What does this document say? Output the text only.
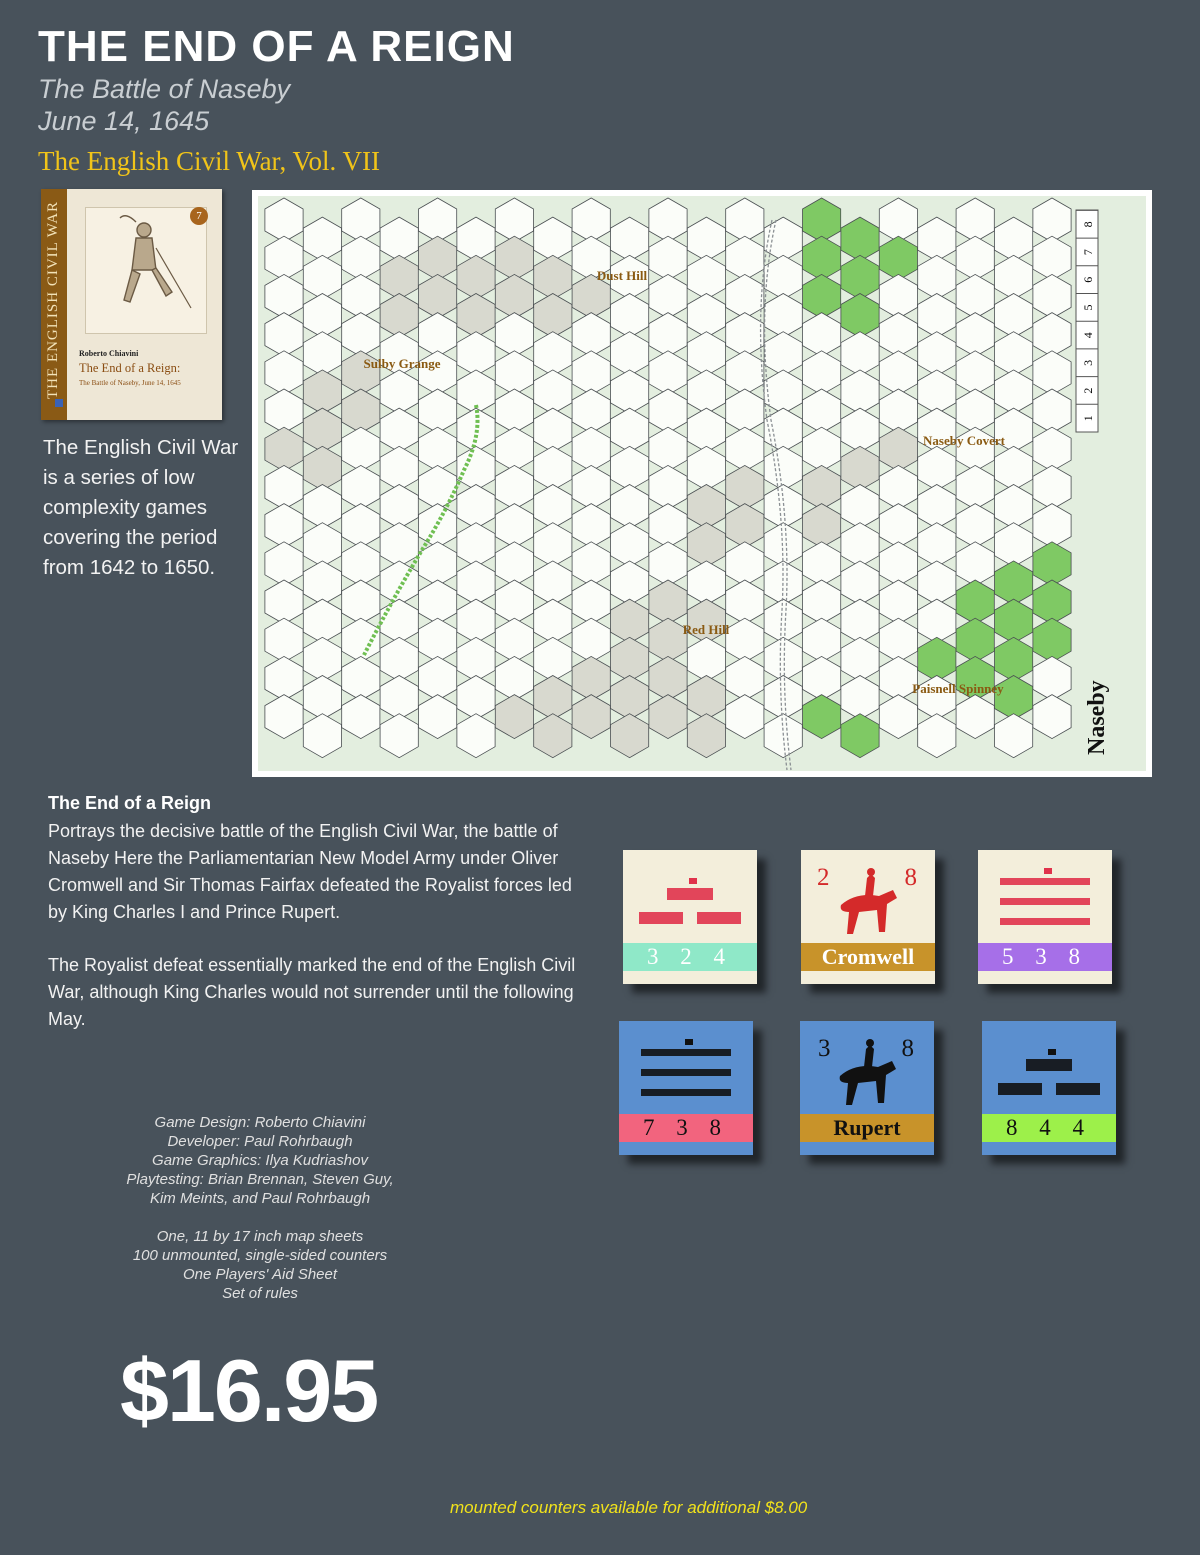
THE END OF A REIGN
The Battle of Naseby
June 14, 1645
The English Civil War, Vol. VII
THE ENGLISH CIVIL WAR	7
Roberto Chiavini
The End of a Reign:
The Battle of Naseby, June 14, 1645

The English Civil War is a series of low complexity games covering the period from 1642 to 1650.

Dust Hill
Sulby Grange
Naseby Covert
Red Hill
Paisnell Spinney
1
2
3
4
5
6
7
8
Naseby
The End of a Reign

Portrays the decisive battle of the English Civil War, the battle of Naseby Here the Parliamentarian New Model Army under Oliver Cromwell and Sir Thomas Fairfax defeated the Royalist forces led by King Charles I and Prince Rupert.

The Royalist defeat essentially marked the end of the English Civil War, although King Charles would not surrender until the following May.

Game Design: Roberto Chiavini
Developer: Paul Rohrbaugh
Game Graphics: Ilya Kudriashov
Playtesting: Brian Brennan, Steven Guy,
Kim Meints, and Paul Rohrbaugh
One, 11 by 17 inch map sheets
100 unmounted, single-sided counters
One Players' Aid Sheet
Set of rules
$16.95
mounted counters available for additional $8.00
3 2 4
2	8
Cromwell	5 3 8
7 3 8
3	8
Rupert	8 4 4
